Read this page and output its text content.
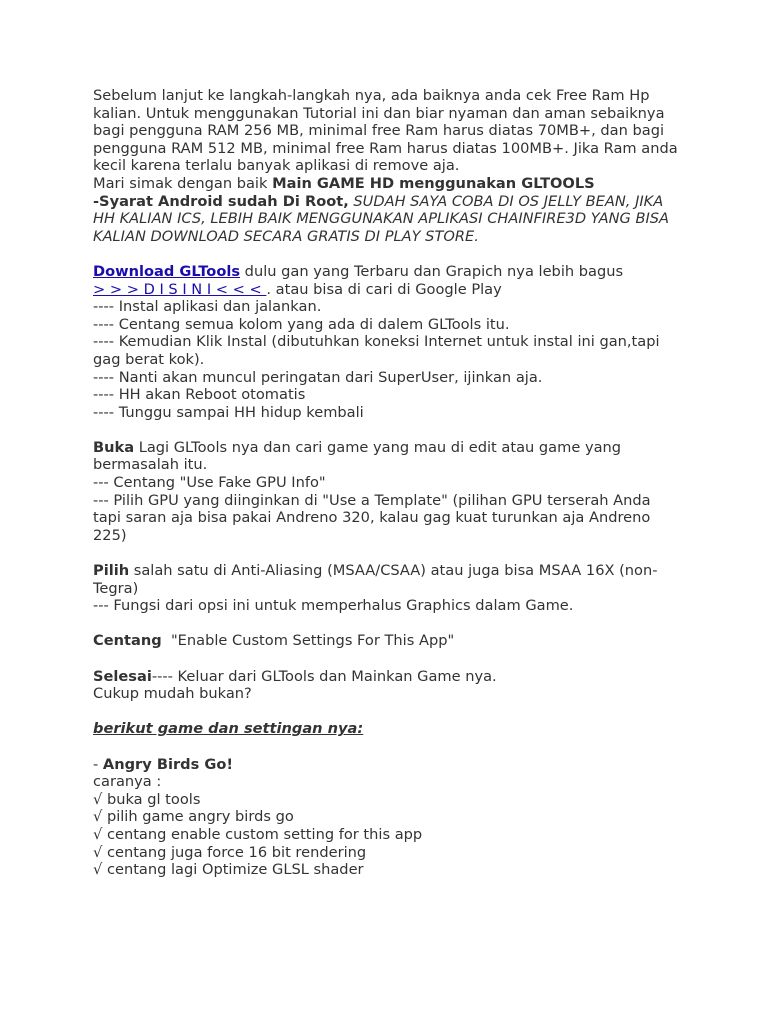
Sebelum lanjut ke langkah-langkah nya, ada baiknya anda cek Free Ram Hp kalian. Untuk menggunakan Tutorial ini dan biar nyaman dan aman sebaiknya bagi pengguna RAM 256 MB, minimal free Ram harus diatas 70MB+, dan bagi pengguna RAM 512 MB, minimal free Ram harus diatas 100MB+. Jika Ram anda kecil karena terlalu banyak aplikasi di remove aja.

Mari simak dengan baik Main GAME HD menggunakan GLTOOLS

-Syarat Android sudah Di Root, SUDAH SAYA COBA DI OS JELLY BEAN, JIKA HH KALIAN ICS, LEBIH BAIK MENGGUNAKAN APLIKASI CHAINFIRE3D YANG BISA KALIAN DOWNLOAD SECARA GRATIS DI PLAY STORE.

Download GLTools dulu gan yang Terbaru dan Grapich nya lebih bagus

> > > D I S I N I < < < . atau bisa di cari di Google Play

---- Instal aplikasi dan jalankan.

---- Centang semua kolom yang ada di dalem GLTools itu.

---- Kemudian Klik Instal (dibutuhkan koneksi Internet untuk instal ini gan,tapi gag berat kok).

---- Nanti akan muncul peringatan dari SuperUser, ijinkan aja.

---- HH akan Reboot otomatis

---- Tunggu sampai HH hidup kembali

Buka Lagi GLTools nya dan cari game yang mau di edit atau game yang bermasalah itu.

--- Centang "Use Fake GPU Info"

--- Pilih GPU yang diinginkan di "Use a Template" (pilihan GPU terserah Anda tapi saran aja bisa pakai Andreno 320, kalau gag kuat turunkan aja Andreno 225)

Pilih salah satu di Anti-Aliasing (MSAA/CSAA) atau juga bisa MSAA 16X (non-Tegra)

--- Fungsi dari opsi ini untuk memperhalus Graphics dalam Game.

Centang  "Enable Custom Settings For This App"

Selesai---- Keluar dari GLTools dan Mainkan Game nya.

Cukup mudah bukan?

berikut game dan settingan nya:

- Angry Birds Go!

caranya :

√ buka gl tools

√ pilih game angry birds go

√ centang enable custom setting for this app

√ centang juga force 16 bit rendering

√ centang lagi Optimize GLSL shader
